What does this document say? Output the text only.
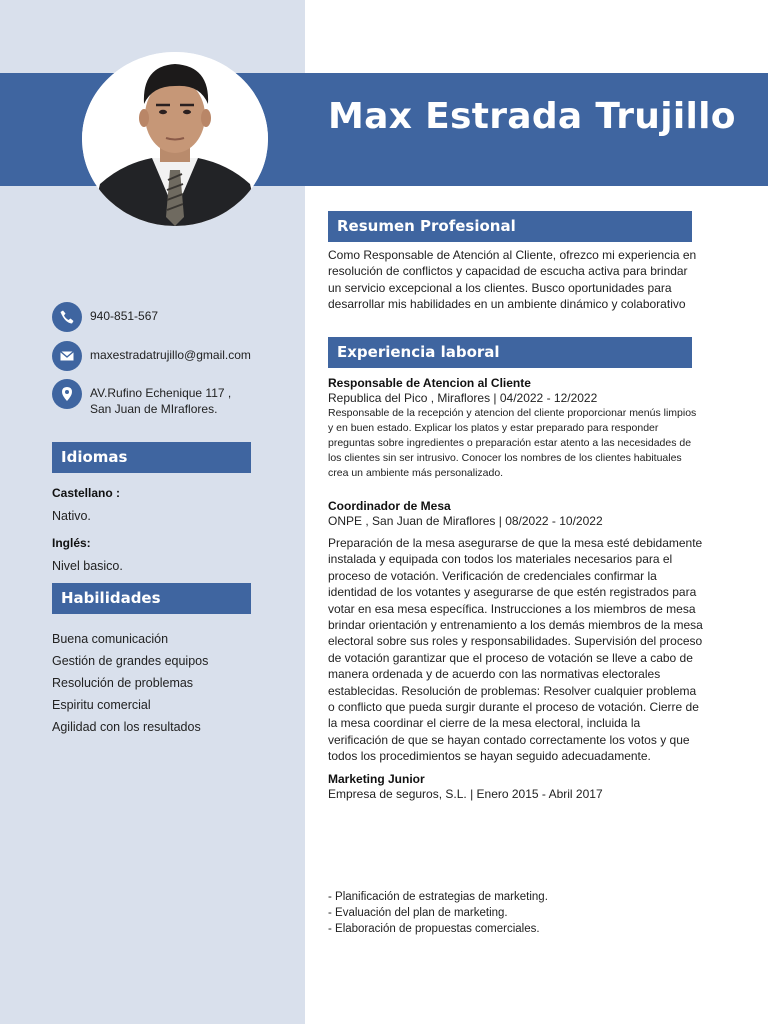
Max Estrada Trujillo
940-851-567
maxestradatrujillo@gmail.com
AV.Rufino Echenique 117 ,
San Juan de MIraflores.
Idiomas
Castellano :
Nativo.
Inglés:
Nivel basico.
Habilidades
Buena comunicación
Gestión de grandes equipos
Resolución de problemas
Espiritu comercial
Agilidad con los resultados
Resumen Profesional
Como Responsable de Atención al Cliente, ofrezco mi experiencia en resolución de conflictos y capacidad de escucha activa para brindar un servicio excepcional a los clientes. Busco oportunidades para desarrollar mis habilidades en un ambiente dinámico y colaborativo
Experiencia laboral
Responsable de Atencion al Cliente
Republica del Pico , Miraflores | 04/2022 - 12/2022
Responsable de la recepción y atencion del cliente proporcionar menús limpios y en buen estado. Explicar los platos y estar preparado para responder preguntas sobre ingredientes o preparación estar atento a las necesidades de los clientes sin ser intrusivo. Conocer los nombres de los clientes habituales crea un ambiente más personalizado.
Coordinador de Mesa
ONPE , San Juan de Miraflores | 08/2022 - 10/2022
Preparación de la mesa asegurarse de que la mesa esté debidamente instalada y equipada con todos los materiales necesarios para el proceso de votación. Verificación de credenciales confirmar la identidad de los votantes y asegurarse de que estén registrados para votar en esa mesa específica. Instrucciones a los miembros de mesa brindar orientación y entrenamiento a los demás miembros de la mesa electoral sobre sus roles y responsabilidades. Supervisión del proceso de votación garantizar que el proceso de votación se lleve a cabo de manera ordenada y de acuerdo con las normativas electorales establecidas. Resolución de problemas: Resolver cualquier problema o conflicto que pueda surgir durante el proceso de votación. Cierre de la mesa coordinar el cierre de la mesa electoral, incluida la verificación de que se hayan contado correctamente los votos y que todos los procedimientos se hayan seguido adecuadamente.
Marketing Junior
Empresa de seguros, S.L. | Enero 2015 - Abril 2017
- Planificación de estrategias de marketing.
- Evaluación del plan de marketing.
- Elaboración de propuestas comerciales.
